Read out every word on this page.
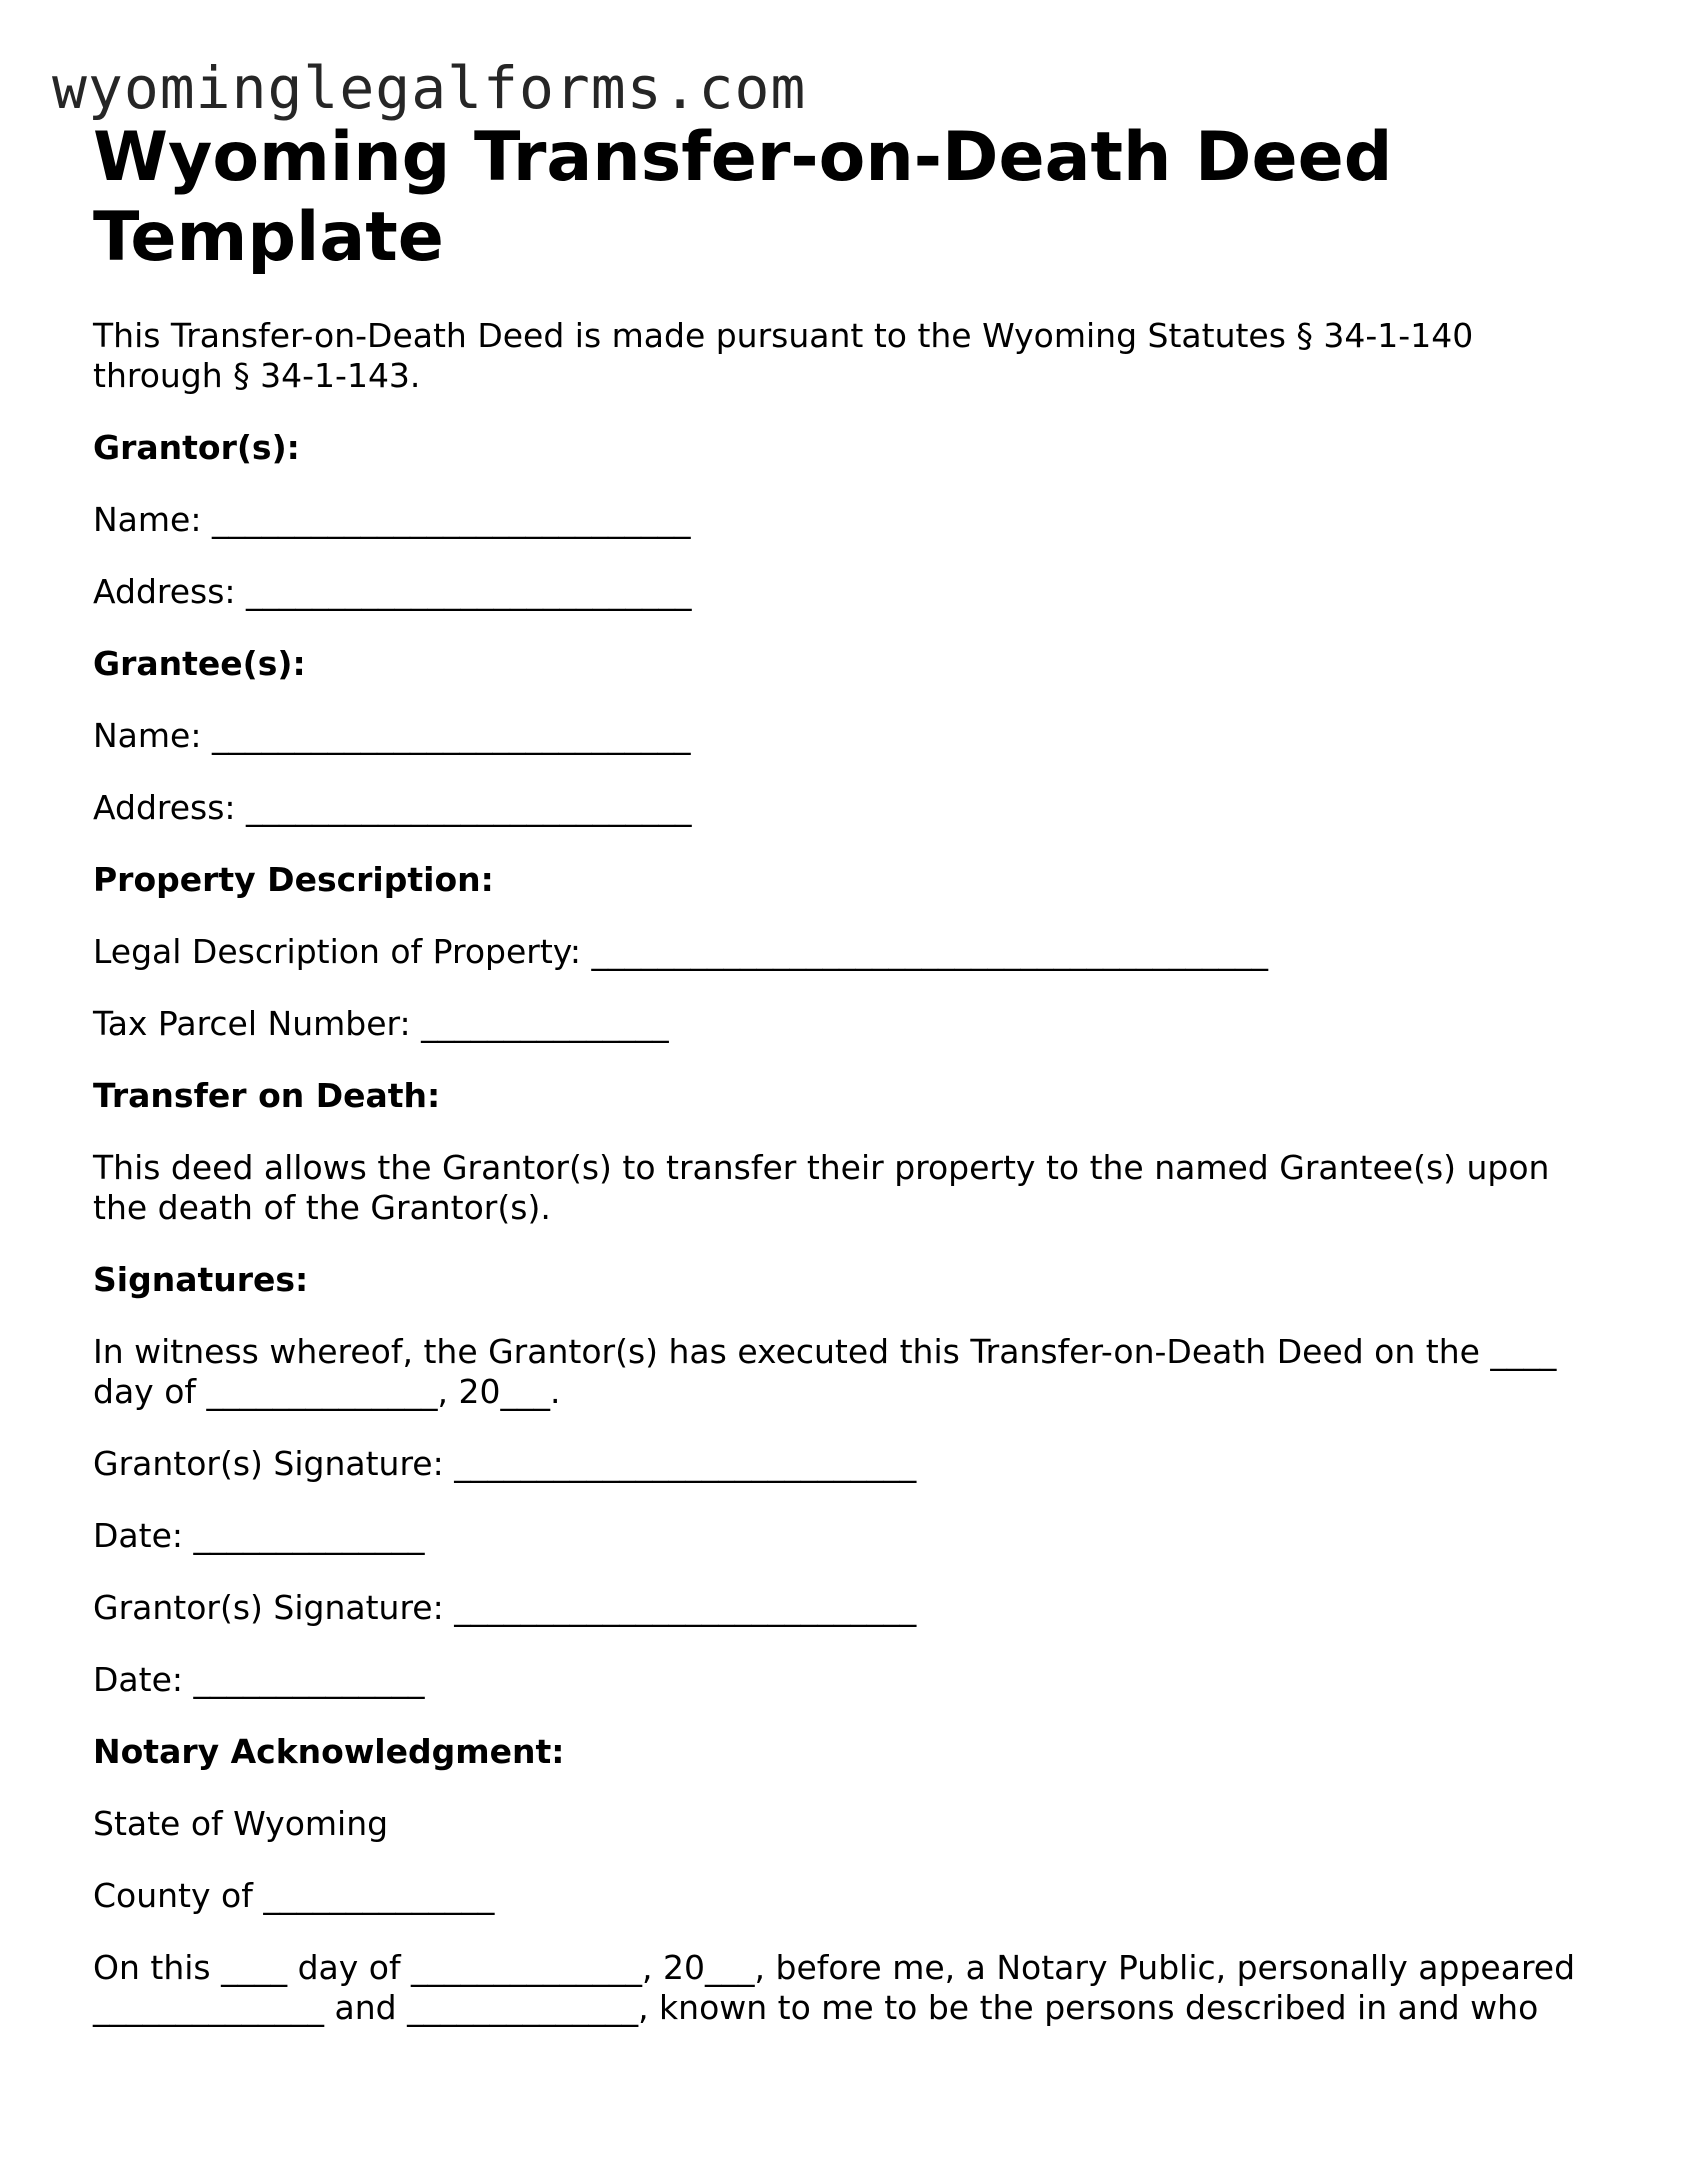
wyominglegalforms.com
Wyoming Transfer-on-Death Deed Template

This Transfer-on-Death Deed is made pursuant to the Wyoming Statutes § 34-1-140 through § 34-1-143.

Grantor(s):

Name: _____________________________

Address: ___________________________

Grantee(s):

Name: _____________________________

Address: ___________________________

Property Description:

Legal Description of Property: _________________________________________

Tax Parcel Number: _______________

Transfer on Death:

This deed allows the Grantor(s) to transfer their property to the named Grantee(s) upon the death of the Grantor(s).

Signatures:

In witness whereof, the Grantor(s) has executed this Transfer-on-Death Deed on the ____ day of ______________, 20___.

Grantor(s) Signature: ____________________________

Date: ______________

Grantor(s) Signature: ____________________________

Date: ______________

Notary Acknowledgment:

State of Wyoming

County of ______________

On this ____ day of ______________, 20___, before me, a Notary Public, personally appeared ______________ and ______________, known to me to be the persons described in and who
